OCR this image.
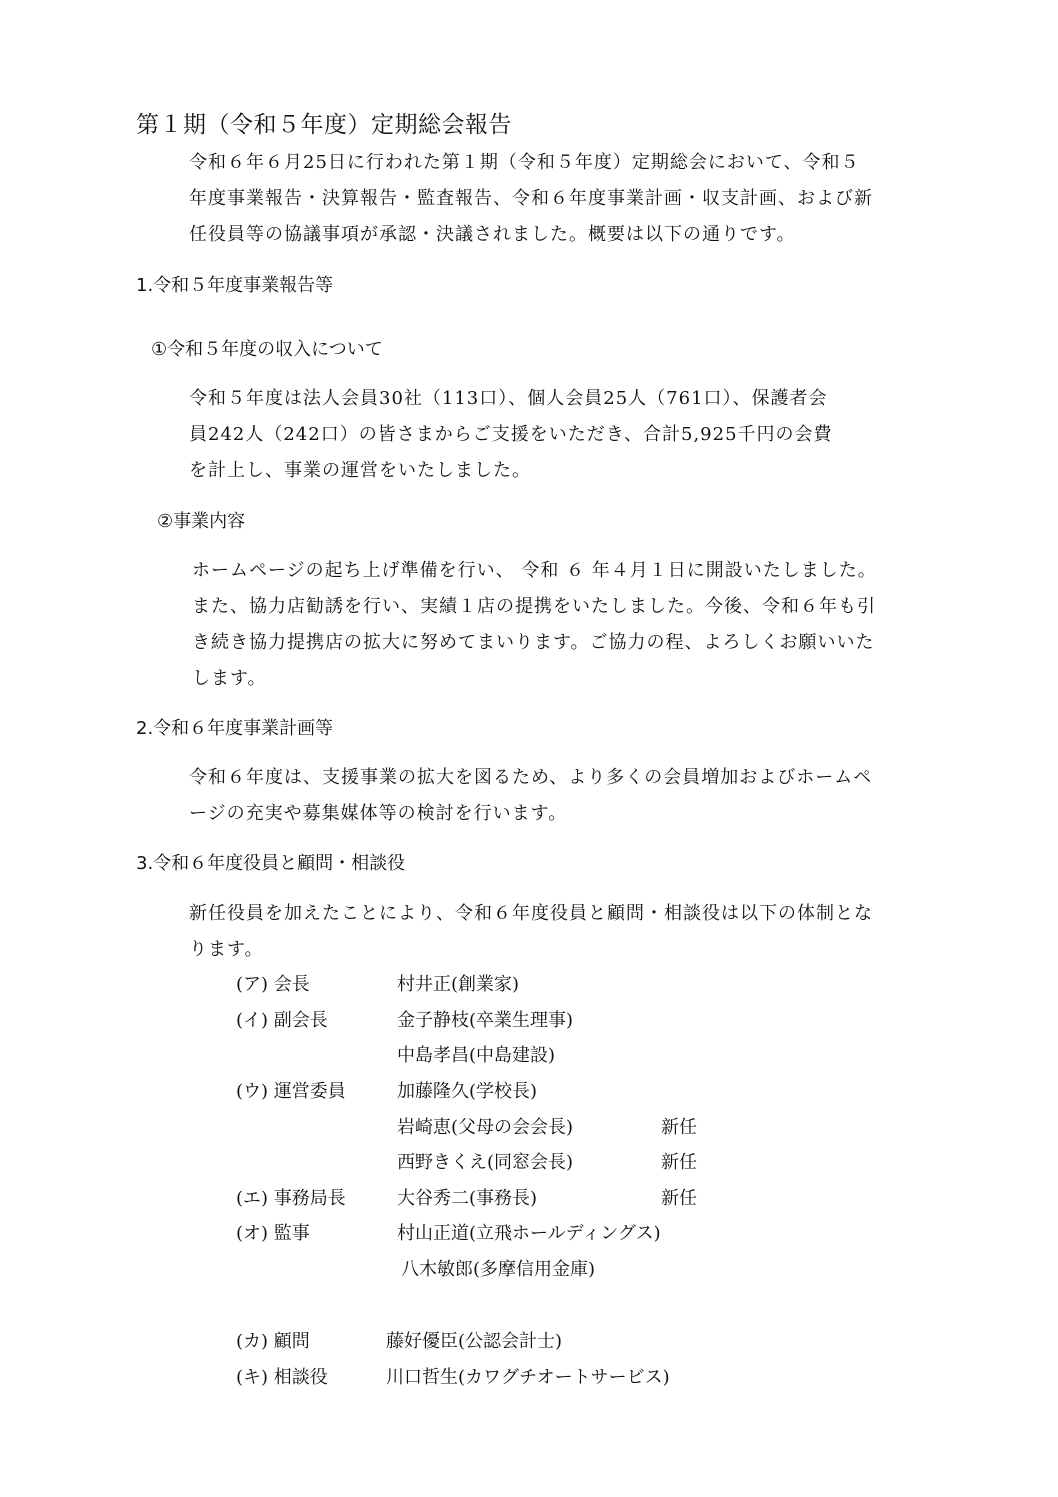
第１期（令和５年度）定期総会報告
令和６年６月25日に行われた第１期（令和５年度）定期総会において、令和５
年度事業報告・決算報告・監査報告、令和６年度事業計画・収支計画、および新
任役員等の協議事項が承認・決議されました。概要は以下の通りです。
1.令和５年度事業報告等
①令和５年度の収入について
令和５年度は法人会員30社（113口）、個人会員25人（761口）、保護者会
員242人（242口）の皆さまからご支援をいただき、合計5,925千円の会費
を計上し、事業の運営をいたしました。
②事業内容
ホームページの起ち上げ準備を行い、 令和 ６ 年４月１日に開設いたしました。
また、協力店勧誘を行い、実績１店の提携をいたしました。今後、令和６年も引
き続き協力提携店の拡大に努めてまいります。ご協力の程、よろしくお願いいた
します。
2.令和６年度事業計画等
令和６年度は、支援事業の拡大を図るため、より多くの会員増加およびホームペ
ージの充実や募集媒体等の検討を行います。
3.令和６年度役員と顧問・相談役
新任役員を加えたことにより、令和６年度役員と顧問・相談役は以下の体制とな
ります。
(ア) 会長	村井正(創業家)
(イ) 副会長	金子静枝(卒業生理事)
中島孝昌(中島建設)
(ウ) 運営委員	加藤隆久(学校長)
岩崎恵(父母の会会長)	新任
西野きくえ(同窓会長)	新任
(エ) 事務局長	大谷秀二(事務長)	新任
(オ) 監事	村山正道(立飛ホールディングス)
八木敏郎(多摩信用金庫)
(カ) 顧問	藤好優臣(公認会計士)
(キ) 相談役	川口哲生(カワグチオートサービス)
